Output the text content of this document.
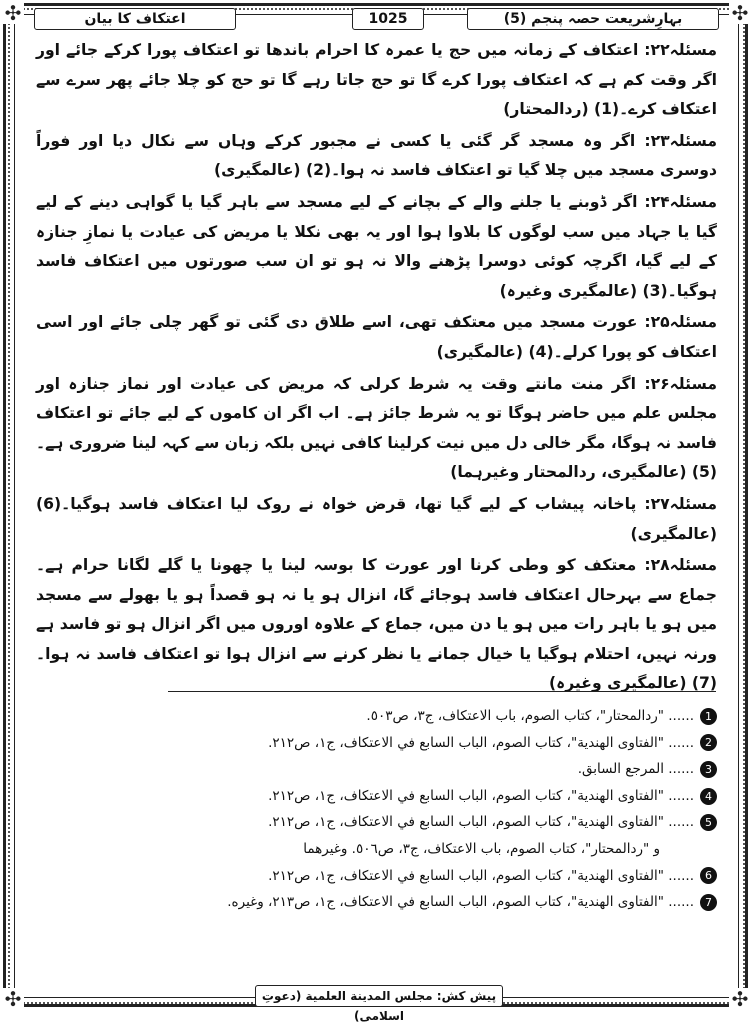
✣	✣
✣	✣
بہارِشریعت حصہ پنجم (5)
1025
اعتکاف کا بیان

مسئلہ۲۲: اعتکاف کے زمانہ میں حج یا عمرہ کا احرام باندھا تو اعتکاف پورا کرکے جائے اور اگر وقت کم ہے کہ اعتکاف پورا کرے گا تو حج جاتا رہے گا تو حج کو چلا جائے پھر سرے سے اعتکاف کرے۔(1) (ردالمحتار)

مسئلہ۲۳: اگر وہ مسجد گر گئی یا کسی نے مجبور کرکے وہاں سے نکال دیا اور فوراً دوسری مسجد میں چلا گیا تو اعتکاف فاسد نہ ہوا۔(2) (عالمگیری)

مسئلہ۲۴: اگر ڈوبنے یا جلنے والے کے بچانے کے لیے مسجد سے باہر گیا یا گواہی دینے کے لیے گیا یا جہاد میں سب لوگوں کا بلاوا ہوا اور یہ بھی نکلا یا مریض کی عیادت یا نمازِ جنازہ کے لیے گیا، اگرچہ کوئی دوسرا پڑھنے والا نہ ہو تو ان سب صورتوں میں اعتکاف فاسد ہوگیا۔(3) (عالمگیری وغیرہ)

مسئلہ۲۵: عورت مسجد میں معتکف تھی، اسے طلاق دی گئی تو گھر چلی جائے اور اسی اعتکاف کو پورا کرلے۔(4) (عالمگیری)

مسئلہ۲۶: اگر منت مانتے وقت یہ شرط کرلی کہ مریض کی عیادت اور نماز جنازہ اور مجلس علم میں حاضر ہوگا تو یہ شرط جائز ہے۔ اب اگر ان کاموں کے لیے جائے تو اعتکاف فاسد نہ ہوگا، مگر خالی دل میں نیت کرلینا کافی نہیں بلکہ زبان سے کہہ لینا ضروری ہے۔(5) (عالمگیری، ردالمحتار وغیرہما)

مسئلہ۲۷: پاخانہ پیشاب کے لیے گیا تھا، قرض خواہ نے روک لیا اعتکاف فاسد ہوگیا۔(6) (عالمگیری)

مسئلہ۲۸: معتکف کو وطی کرنا اور عورت کا بوسہ لینا یا چھونا یا گلے لگانا حرام ہے۔ جماع سے بہرحال اعتکاف فاسد ہوجائے گا، انزال ہو یا نہ ہو قصداً ہو یا بھولے سے مسجد میں ہو یا باہر رات میں ہو یا دن میں، جماع کے علاوہ اوروں میں اگر انزال ہو تو فاسد ہے ورنہ نہیں، احتلام ہوگیا یا خیال جمانے یا نظر کرنے سے انزال ہوا تو اعتکاف فاسد نہ ہوا۔(7) (عالمگیری وغیرہ)

1
...... "ردالمحتار"، کتاب الصوم، باب الاعتکاف، ج٣، ص٥٠٣.
2
...... "الفتاوی الهندية"، کتاب الصوم، الباب السابع في الاعتکاف، ج١، ص٢١٢.
3
...... المرجع السابق.
4
...... "الفتاوی الهندية"، کتاب الصوم، الباب السابع في الاعتکاف، ج١، ص٢١٢.
5
...... "الفتاوی الهندية"، کتاب الصوم، الباب السابع في الاعتکاف، ج١، ص٢١٢.
و "ردالمحتار"، کتاب الصوم، باب الاعتکاف، ج٣، ص٥٠٦. وغيرهما
6
...... "الفتاوی الهندية"، کتاب الصوم، الباب السابع في الاعتکاف، ج١، ص٢١٢.
7
...... "الفتاوی الهندية"، کتاب الصوم، الباب السابع في الاعتکاف، ج١، ص٢١٣، وغيره.
پیش کش: مجلس المدينة العلمية (دعوتِ اسلامی)
